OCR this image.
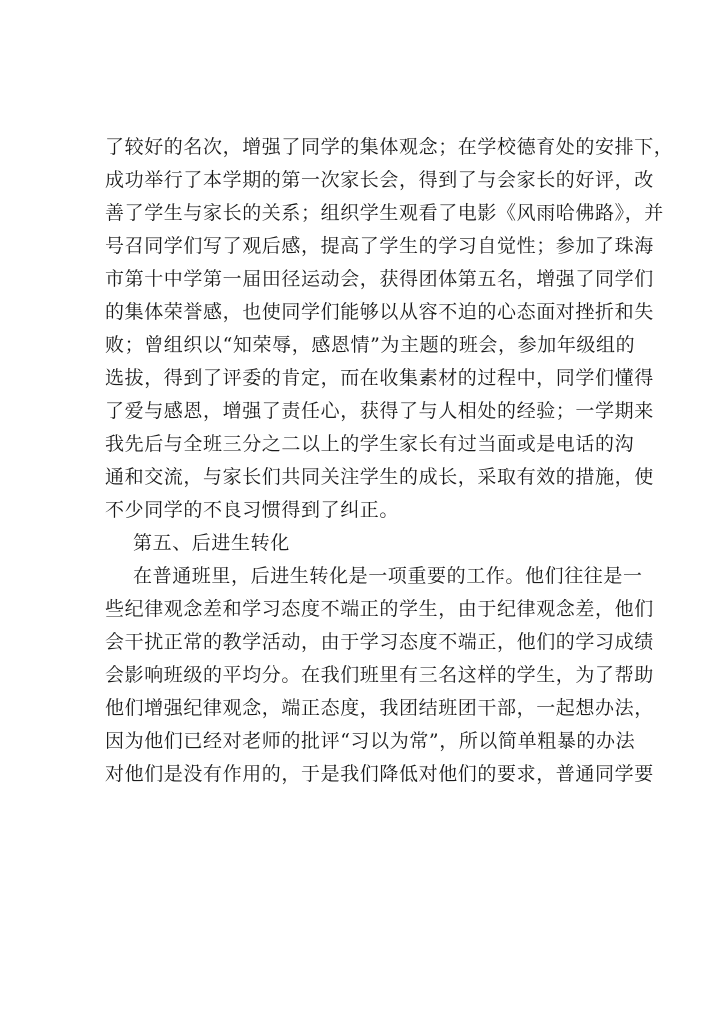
了较好的名次，增强了同学的集体观念；在学校德育处的安排下，
成功举行了本学期的第一次家长会，得到了与会家长的好评，改
善了学生与家长的关系；组织学生观看了电影《风雨哈佛路》，并
号召同学们写了观后感，提高了学生的学习自觉性；参加了珠海
市第十中学第一届田径运动会，获得团体第五名，增强了同学们
的集体荣誉感，也使同学们能够以从容不迫的心态面对挫折和失
败；曾组织以“知荣辱，感恩情”为主题的班会，参加年级组的
选拔，得到了评委的肯定，而在收集素材的过程中，同学们懂得
了爱与感恩，增强了责任心，获得了与人相处的经验；一学期来
我先后与全班三分之二以上的学生家长有过当面或是电话的沟
通和交流，与家长们共同关注学生的成长，采取有效的措施，使
不少同学的不良习惯得到了纠正。
第五、后进生转化
在普通班里，后进生转化是一项重要的工作。他们往往是一
些纪律观念差和学习态度不端正的学生，由于纪律观念差，他们
会干扰正常的教学活动，由于学习态度不端正，他们的学习成绩
会影响班级的平均分。在我们班里有三名这样的学生，为了帮助
他们增强纪律观念，端正态度，我团结班团干部，一起想办法，
因为他们已经对老师的批评“习以为常”，所以简单粗暴的办法
对他们是没有作用的，于是我们降低对他们的要求，普通同学要
